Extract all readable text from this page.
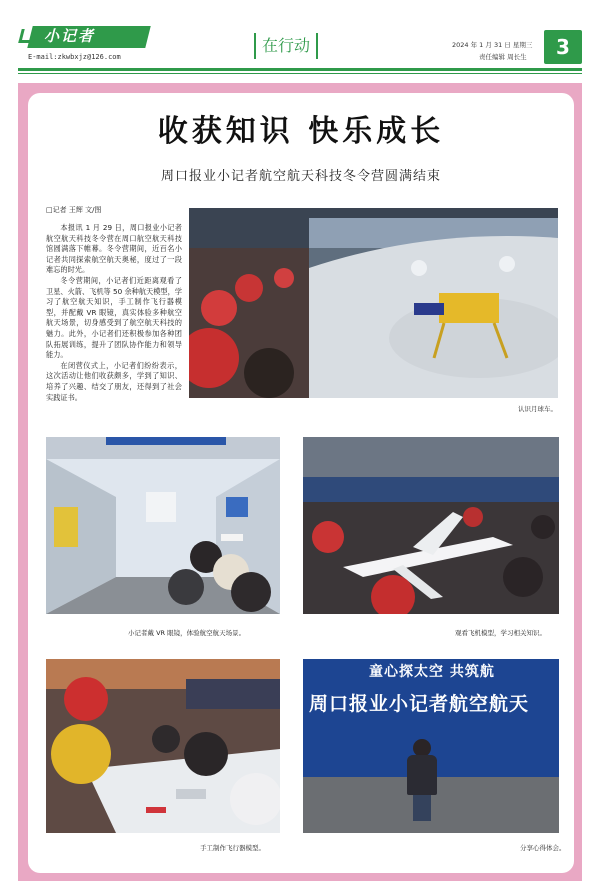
小记者
E-mail:zkwbxjz@126.com
在行动	2024 年 1 月 31 日 星期三
责任编辑 周长生	3
收获知识 快乐成长
周口报业小记者航空航天科技冬令营圆满结束
□记者 王辉 文/图

本报讯 1 月 29 日，周口报业小记者航空航天科技冬令营在周口航空航天科技馆圆满落下帷幕。冬令营期间，近百名小记者共同探索航空航天奥秘，度过了一段难忘的时光。

冬令营期间，小记者们近距离观看了卫星、火箭、飞机等 50 余种航天模型，学习了航空航天知识，手工制作飞行器模型，并配戴 VR 眼镜，真实体验多种航空航天场景，切身感受到了航空航天科技的魅力。此外，小记者们还积极参加各种团队拓展训练，提升了团队协作能力和领导能力。

在闭营仪式上，小记者们纷纷表示，这次活动让他们收获颇多，学到了知识、培养了兴趣、结交了朋友，还得到了社会实践证书。

认识月球车。
小记者戴 VR 眼镜，体验航空航天场景。	观看飞机模型，学习相关知识。
手工制作飞行器模型。
童心探太空 共筑航
周口报业小记者航空航天
分享心得体会。
